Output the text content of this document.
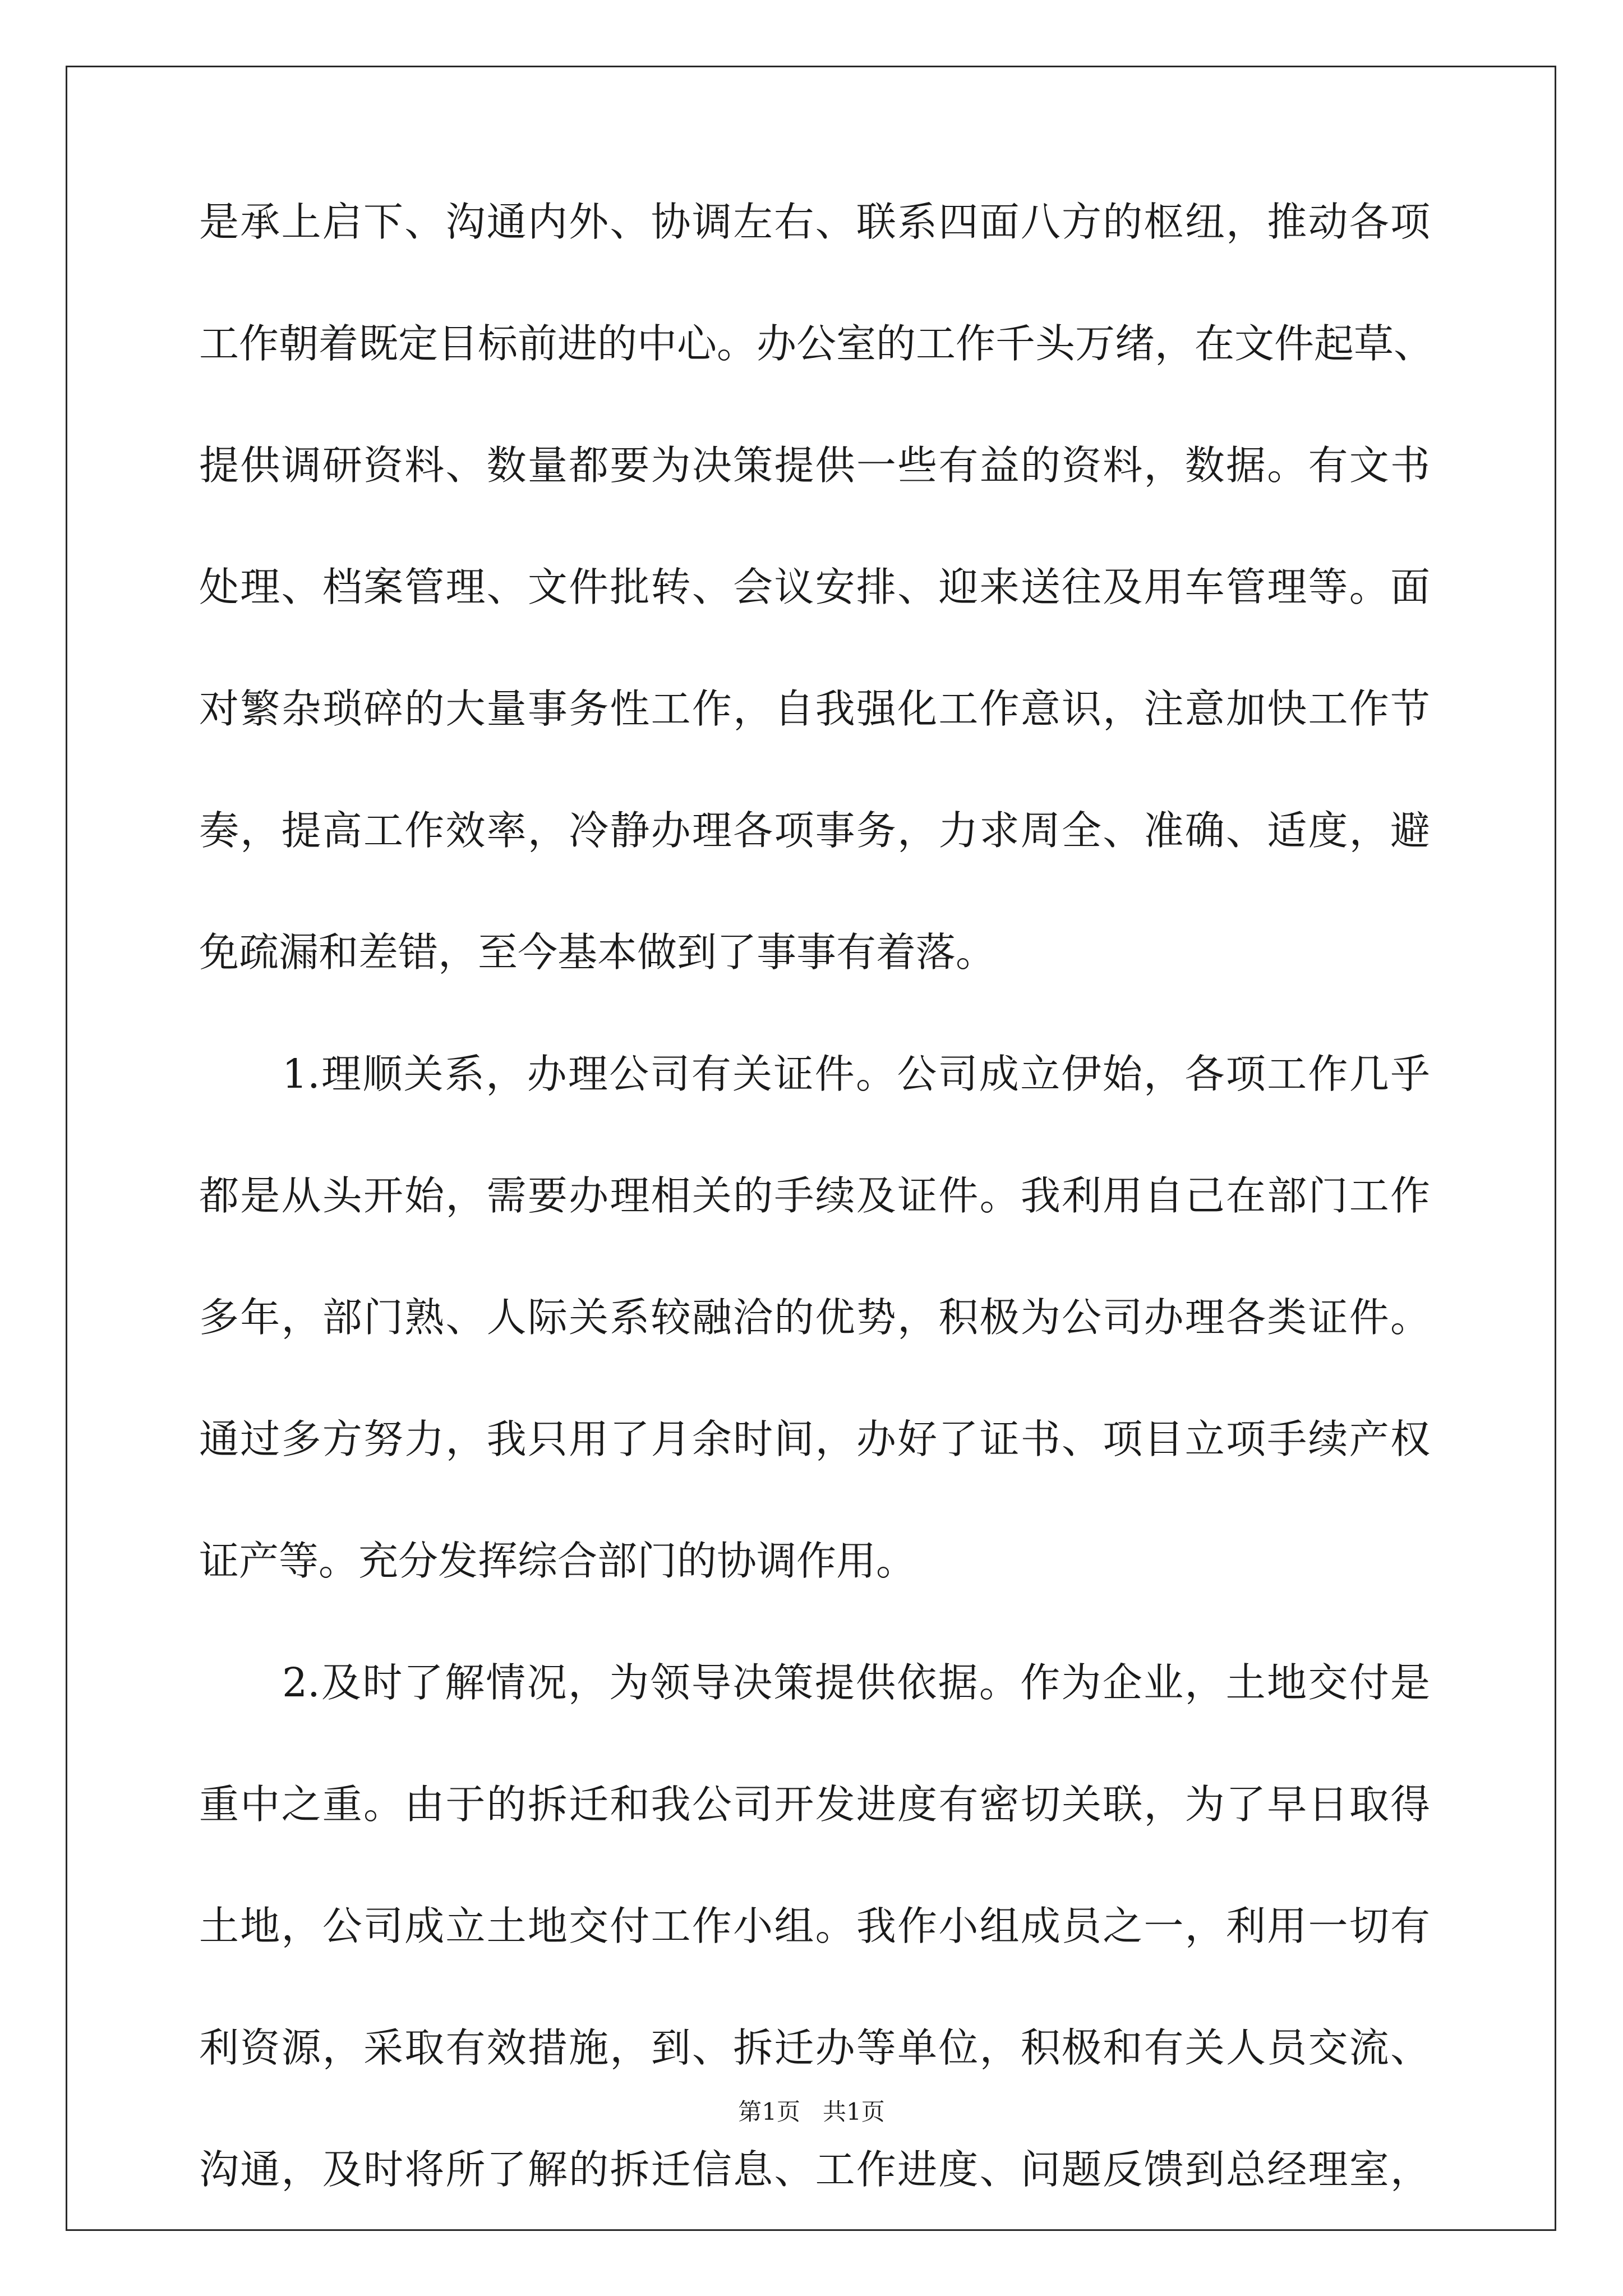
是承上启下、沟通内外、协调左右、联系四面八方的枢纽，推动各项

工作朝着既定目标前进的中心。办公室的工作千头万绪，在文件起草、

提供调研资料、数量都要为决策提供一些有益的资料，数据。有文书

处理、档案管理、文件批转、会议安排、迎来送往及用车管理等。面

对繁杂琐碎的大量事务性工作，自我强化工作意识，注意加快工作节

奏，提高工作效率，冷静办理各项事务，力求周全、准确、适度，避

免疏漏和差错，至今基本做到了事事有着落。

1.理顺关系，办理公司有关证件。公司成立伊始，各项工作几乎

都是从头开始，需要办理相关的手续及证件。我利用自己在部门工作

多年，部门熟、人际关系较融洽的优势，积极为公司办理各类证件。

通过多方努力，我只用了月余时间，办好了证书、项目立项手续产权

证产等。充分发挥综合部门的协调作用。

2.及时了解情况，为领导决策提供依据。作为企业，土地交付是

重中之重。由于的拆迁和我公司开发进度有密切关联，为了早日取得

土地，公司成立土地交付工作小组。我作小组成员之一，利用一切有

利资源，采取有效措施，到、拆迁办等单位，积极和有关人员交流、

沟通，及时将所了解的拆迁信息、工作进度、问题反馈到总经理室，

第1页 共1页
